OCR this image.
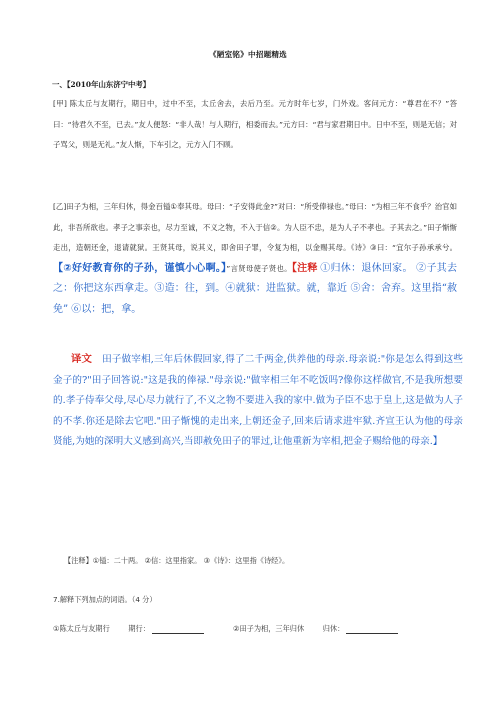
《陋室铭》中招题精选
一、【2010年山东济宁中考】
[甲] 陈太丘与友期行，期日中，过中不至，太丘舍去，去后乃至。元方时年七岁，门外戏。客问元方：“尊君在不？”答曰：“待君久不至，已去。”友人便怒：“非人哉！与人期行，相委而去。”元方曰：“君与家君期日中。日中不至，则是无信；对子骂父，则是无礼。”友人惭，下车引之，元方入门不顾。
[乙]田子为相，三年归休，得金百镒①奉其母。母曰：“子安得此金?”对曰：“所受俸禄也。”母曰：“为相三年不食乎？治官如此，非吾所欲也。孝子之事亲也，尽力至诚，不义之物，不入于信②。为人臣不忠，是为人子不孝也。子其去之。”田子惭惭走出，造朝还金，退请就狱。王贤其母，说其义，即舍田子罪，令复为相，以金赐其母。《诗》③曰：“宜尔子孙承承兮。【②好好教育你的子孙，谨慎小心啊。】”言贤母使子贤也。【注释 ①归休：退休回家。 ②子其去之：你把这东西拿走。③造：往，到。④就狱：进监狱。就，靠近 ⑤舍：舍弃。这里指“赦免” ⑥以：把，拿。
译文 田子做宰相,三年后休假回家,得了二千两金,供养他的母亲.母亲说:"你是怎么得到这些金子的?"田子回答说:"这是我的俸禄."母亲说:"做宰相三年不吃饭吗?像你这样做官,不是我所想要的.孝子侍奉父母,尽心尽力就行了,不义之物不要进入我的家中.做为子臣不忠于皇上,这是做为人子的不孝.你还是除去它吧."田子惭愧的走出来,上朝还金子,回来后请求进牢狱.齐宣王认为他的母亲贤能,为她的深明大义感到高兴,当即赦免田子的罪过,让他重新为宰相,把金子赐给他的母亲.】
【注释】①镒：二十两。 ②信：这里指家。 ③《诗》：这里指《诗经》。
7.解释下列加点的词语。（4 分）
①陈太丘与友期行	期行：	②田子为相，三年归休	归休：
